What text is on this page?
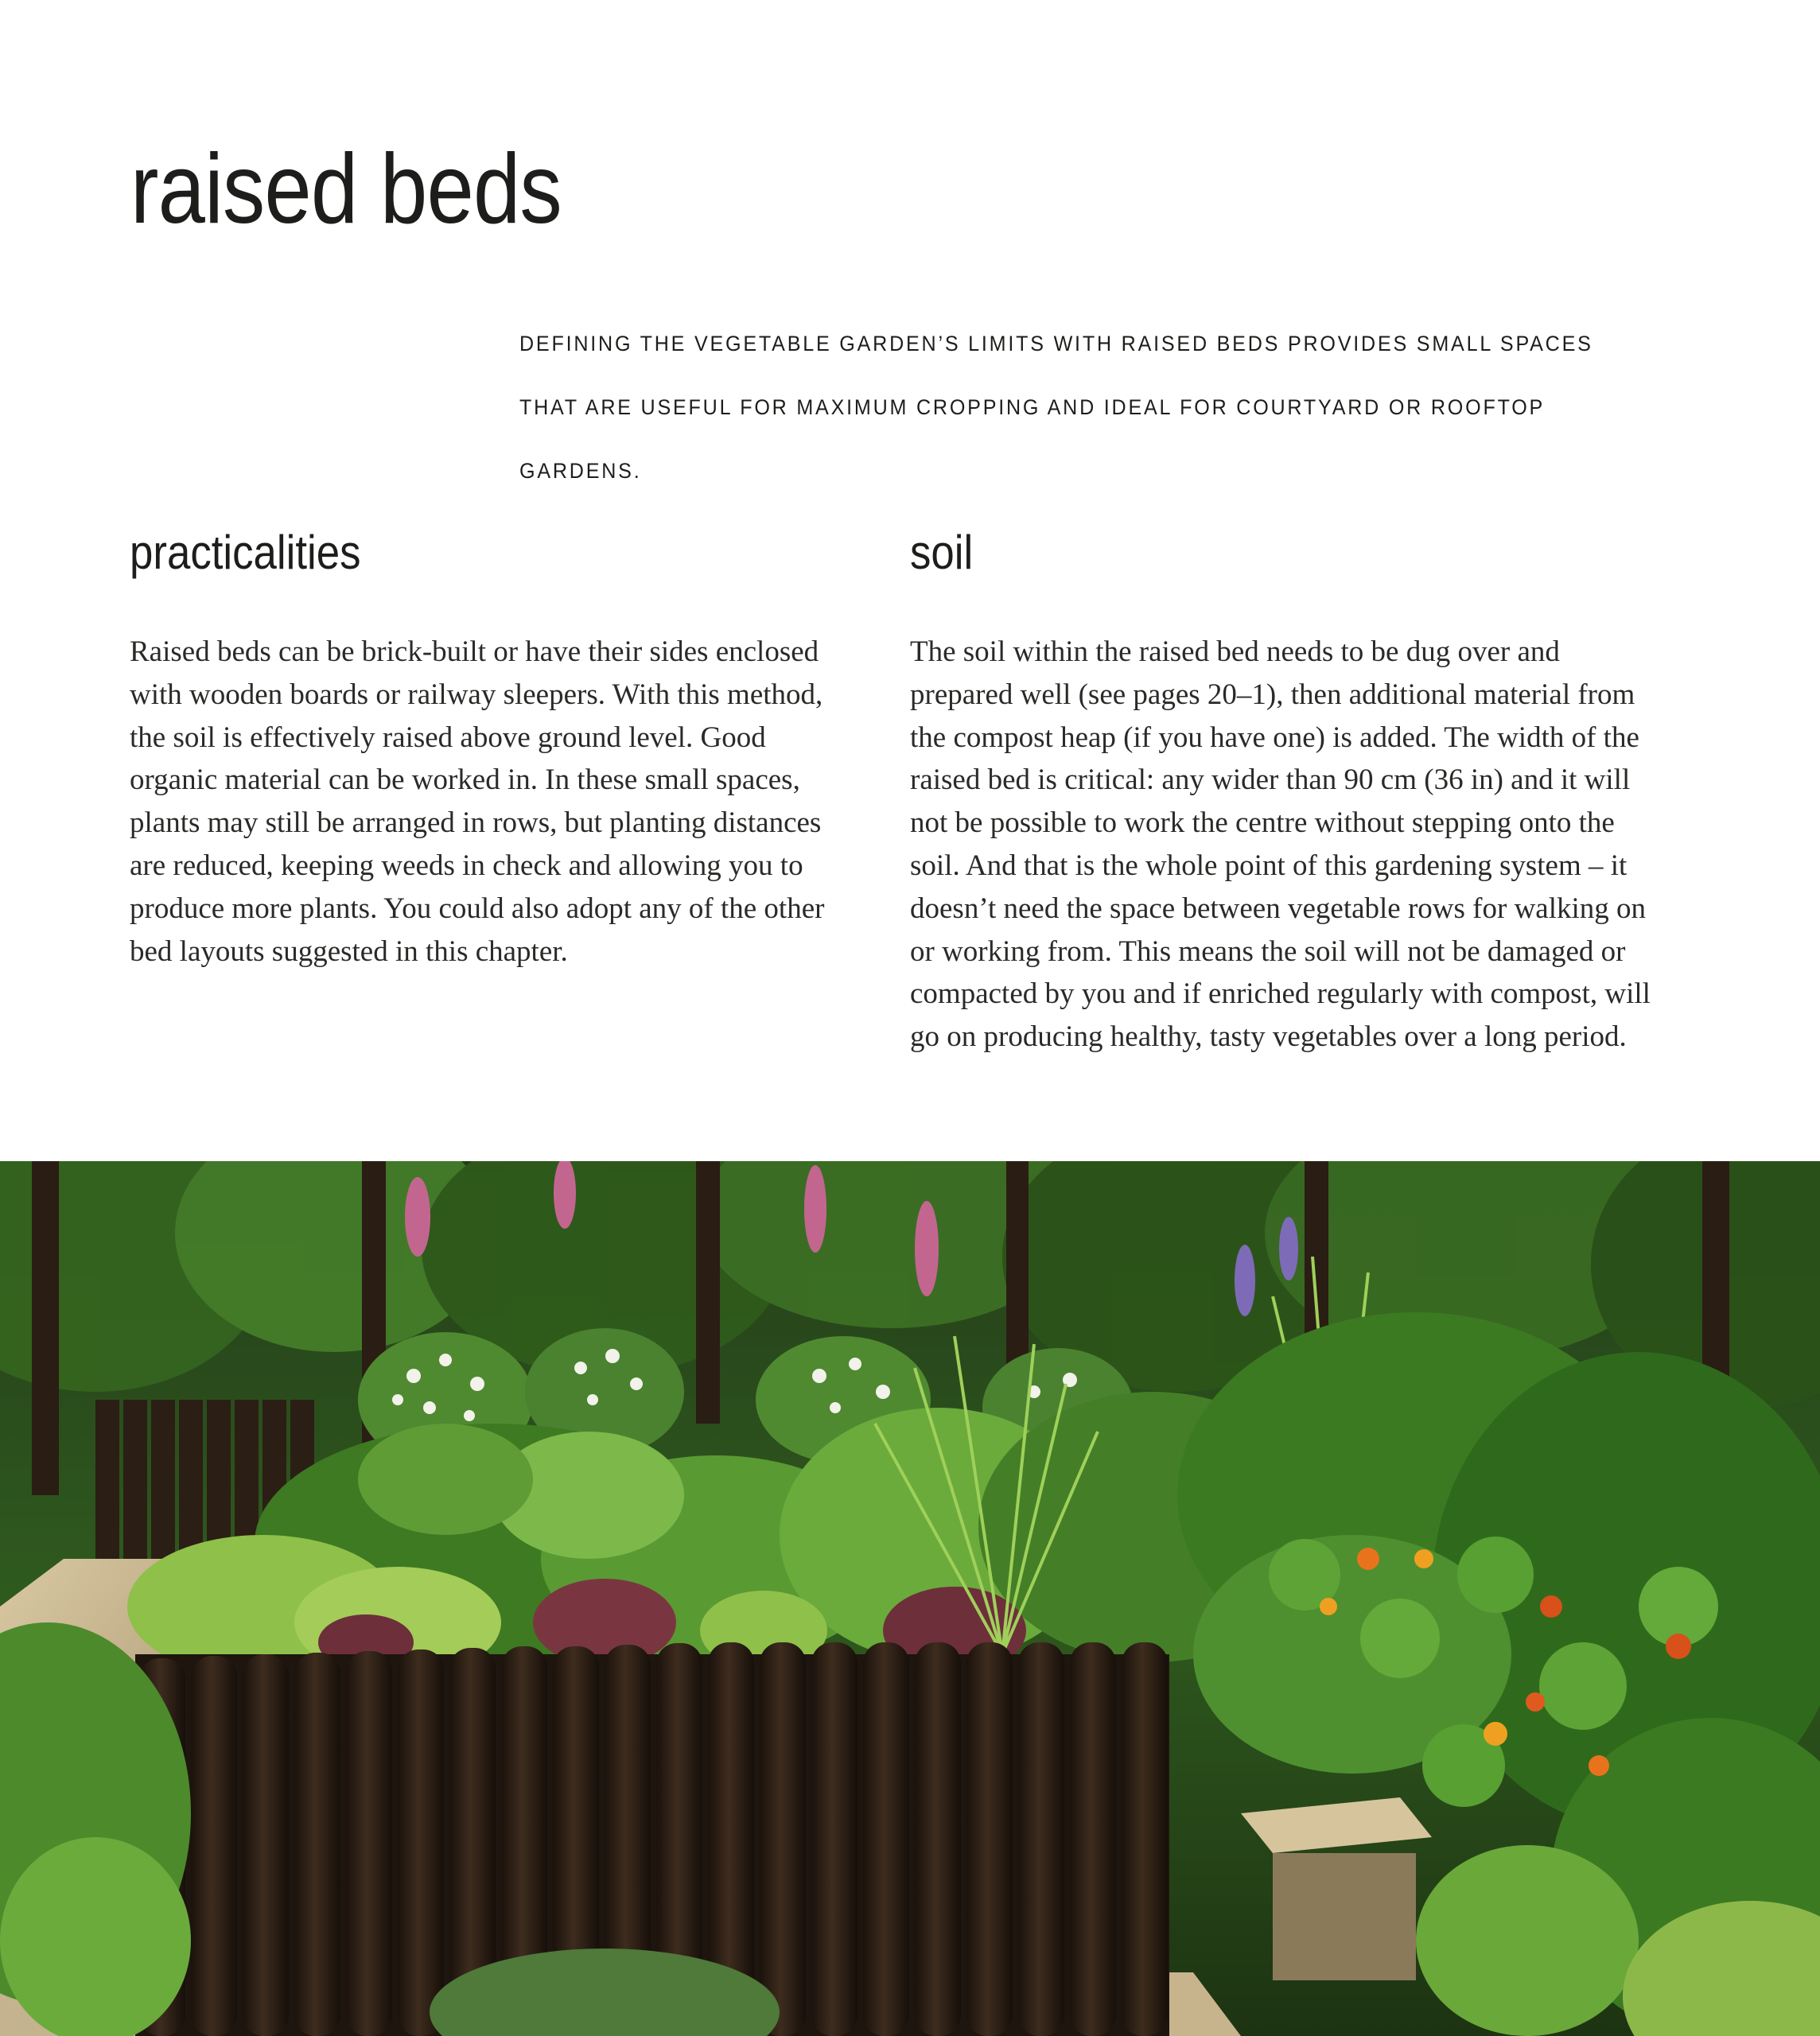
raised beds

DEFINING THE VEGETABLE GARDEN’S LIMITS WITH RAISED BEDS PROVIDES SMALL SPACES THAT ARE USEFUL FOR MAXIMUM CROPPING AND IDEAL FOR COURTYARD OR ROOFTOP GARDENS.

practicalities

Raised beds can be brick-built or have their sides enclosed with wooden boards or railway sleepers. With this method, the soil is effectively raised above ground level. Good organic material can be worked in. In these small spaces, plants may still be arranged in rows, but planting distances are reduced, keeping weeds in check and allowing you to produce more plants. You could also adopt any of the other bed layouts suggested in this chapter.

soil

The soil within the raised bed needs to be dug over and prepared well (see pages 20–1), then additional material from the compost heap (if you have one) is added. The width of the raised bed is critical: any wider than 90 cm (36 in) and it will not be possible to work the centre without stepping onto the soil. And that is the whole point of this gardening system – it doesn’t need the space between vegetable rows for walking on or working from. This means the soil will not be damaged or compacted by you and if enriched regularly with compost, will go on producing healthy, tasty vegetables over a long period.
